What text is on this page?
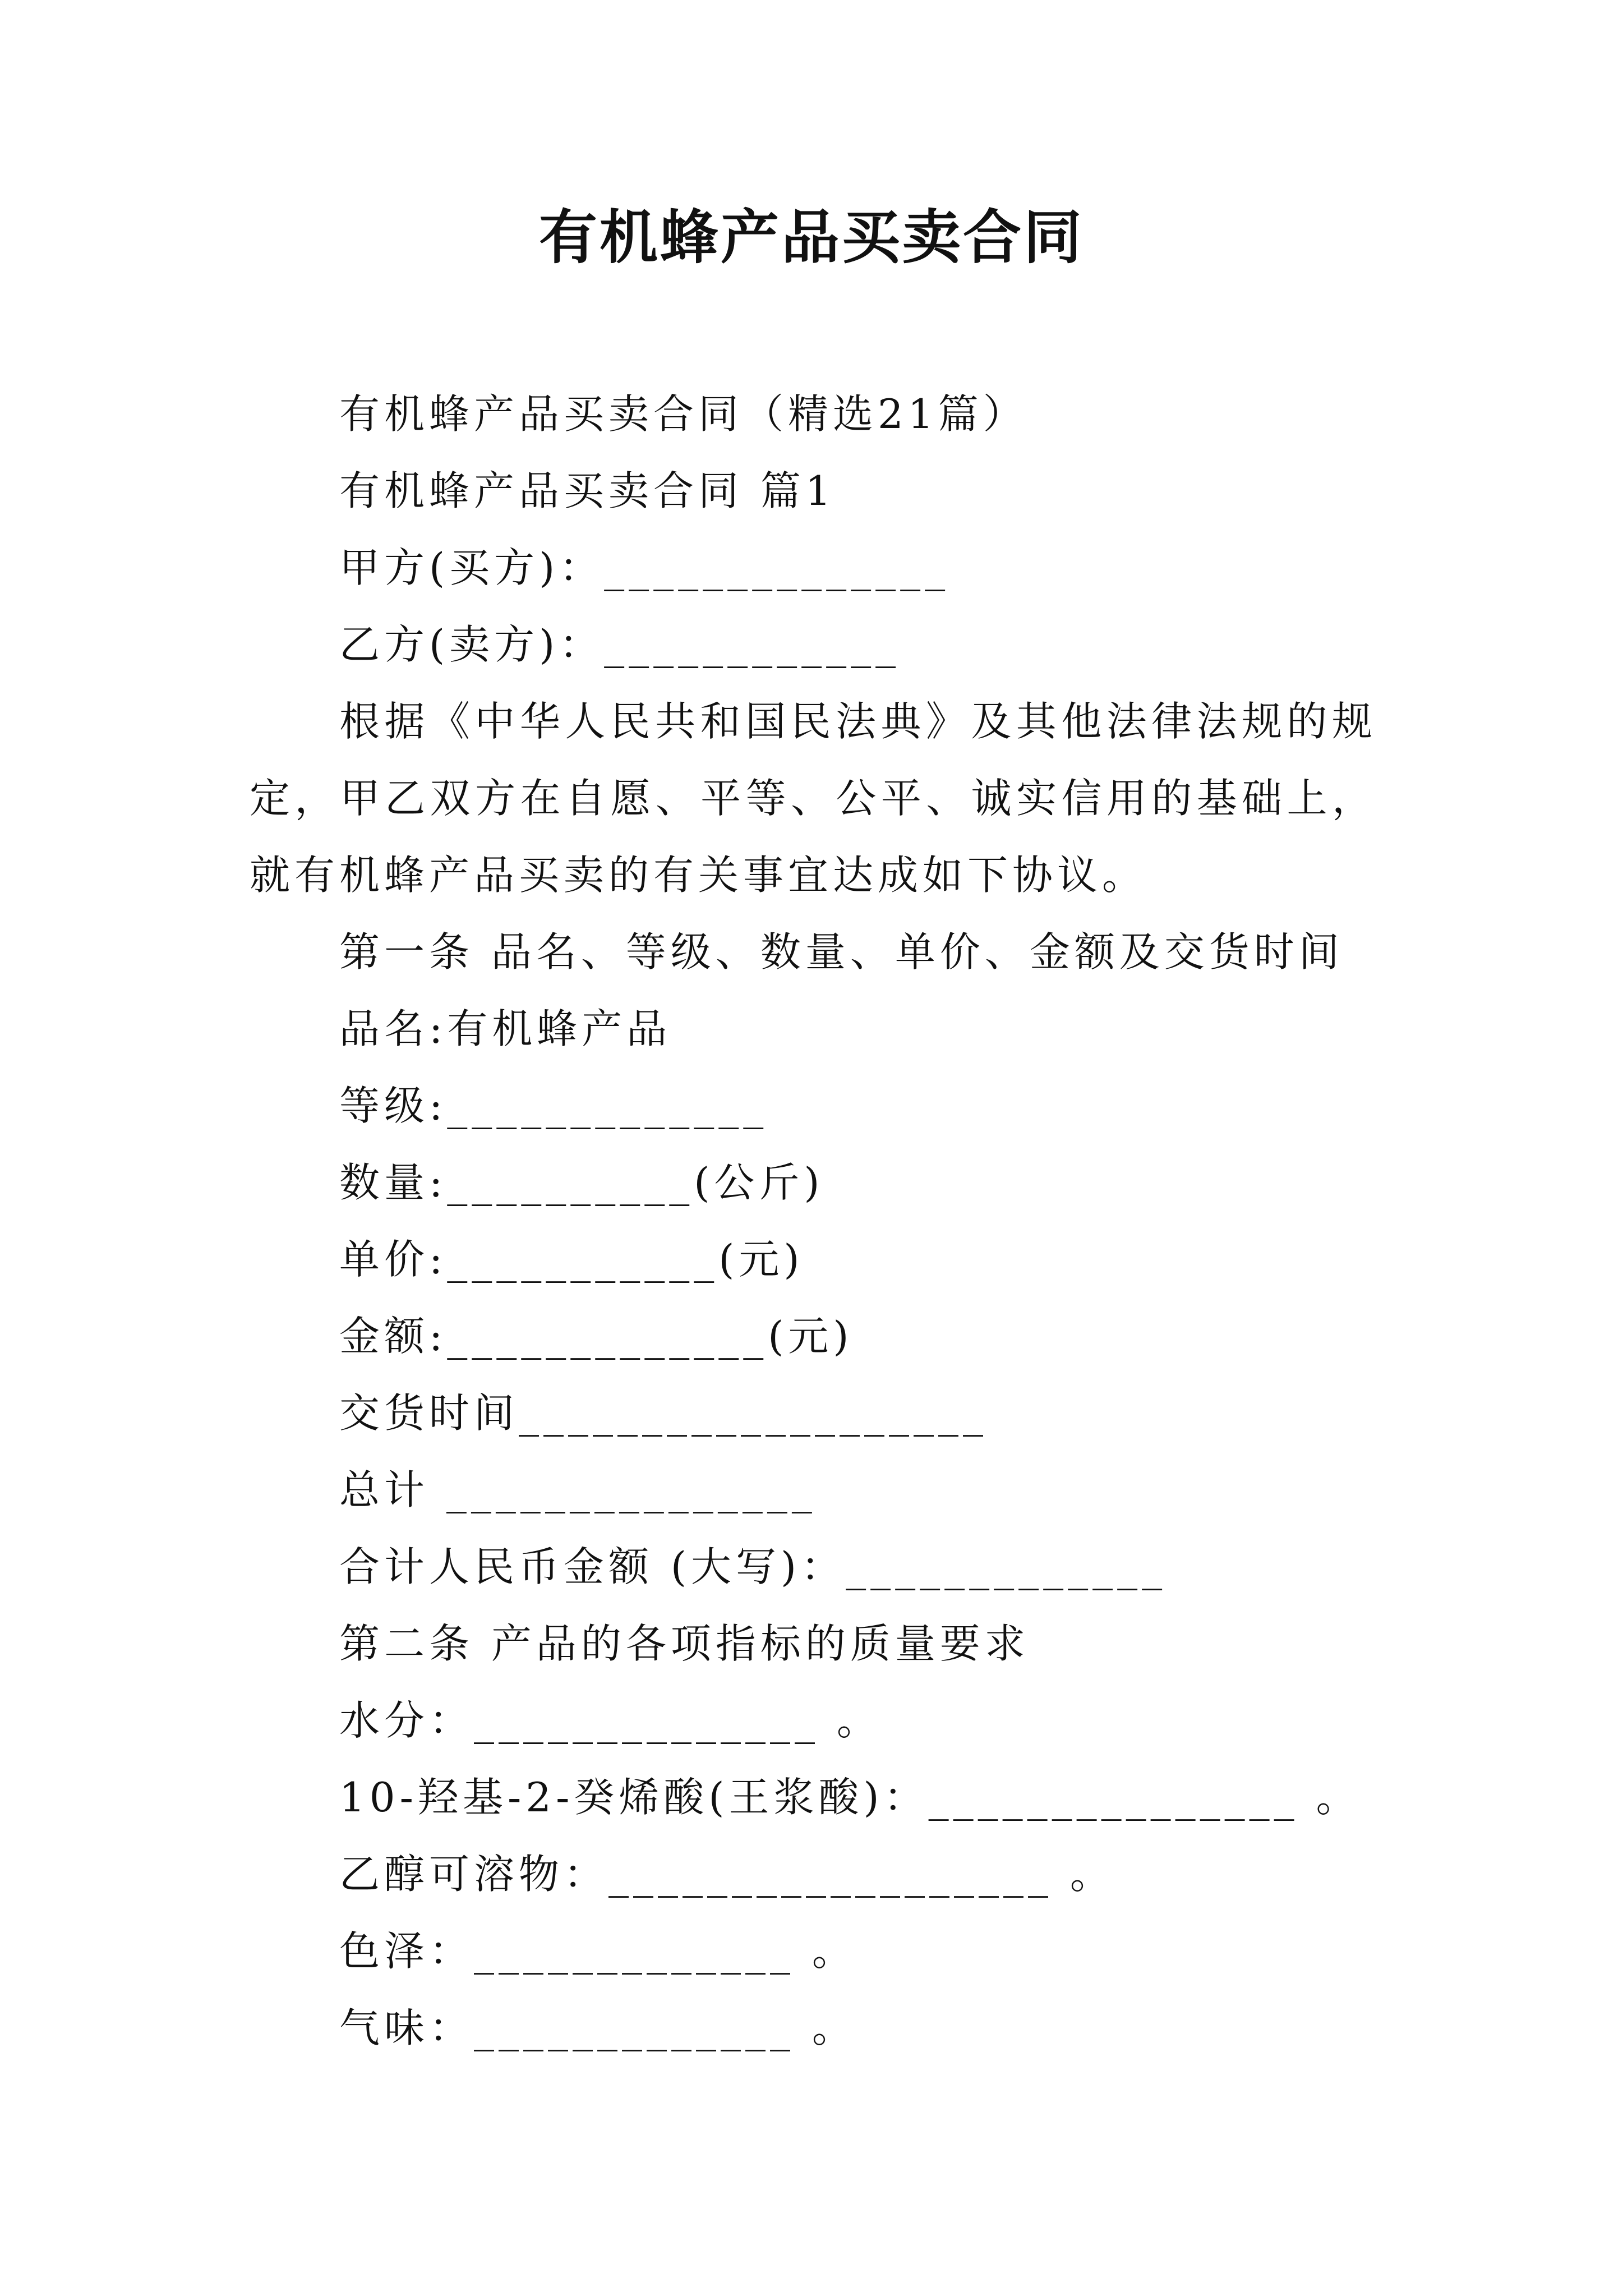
有机蜂产品买卖合同

有机蜂产品买卖合同（精选21篇）

有机蜂产品买卖合同 篇1

甲方(买方)：______________

乙方(卖方)：____________

根据《中华人民共和国民法典》及其他法律法规的规定，甲乙双方在自愿、平等、公平、诚实信用的基础上，就有机蜂产品买卖的有关事宜达成如下协议。

第一条 品名、等级、数量、单价、金额及交货时间

品名:有机蜂产品

等级:_____________

数量:__________(公斤)

单价:___________(元)

金额:_____________(元)

交货时间___________________

总计 _______________

合计人民币金额 (大写)：_____________

第二条 产品的各项指标的质量要求

水分：______________ 。

10-羟基-2-癸烯酸(王浆酸)：_______________ 。

乙醇可溶物：__________________ 。

色泽：_____________ 。

气味：_____________ 。
